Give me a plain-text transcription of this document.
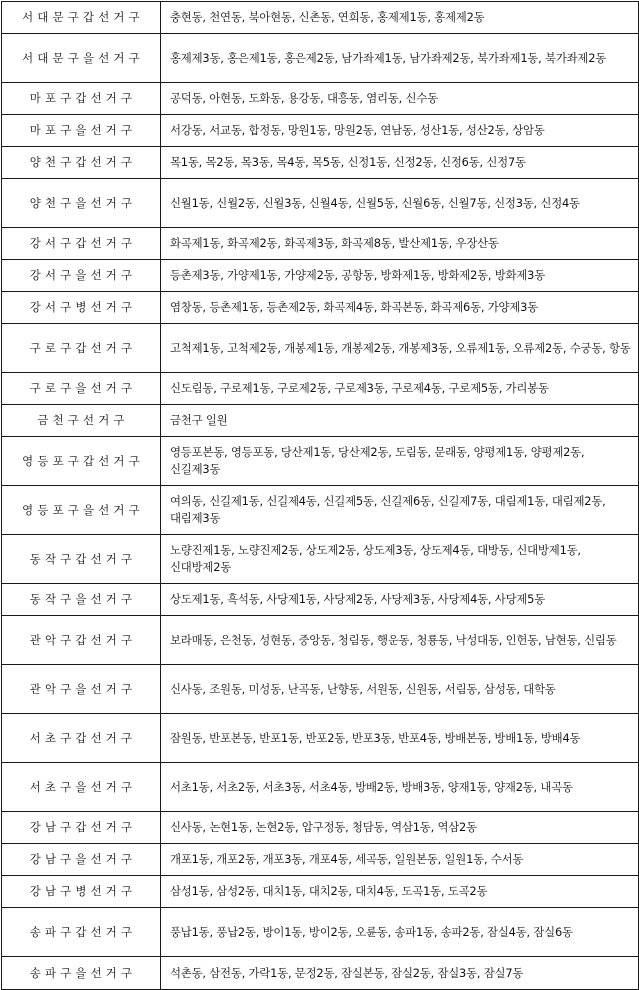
서대문구갑선거구	충현동, 천연동, 북아현동, 신촌동, 연희동, 홍제제1동, 홍제제2동
서대문구을선거구	홍제제3동, 홍은제1동, 홍은제2동, 남가좌제1동, 남가좌제2동, 북가좌제1동, 북가좌제2동
마포구갑선거구	공덕동, 아현동, 도화동, 용강동, 대흥동, 염리동, 신수동
마포구을선거구	서강동, 서교동, 합정동, 망원1동, 망원2동, 연남동, 성산1동, 성산2동, 상암동
양천구갑선거구	목1동, 목2동, 목3동, 목4동, 목5동, 신정1동, 신정2동, 신정6동, 신정7동
양천구을선거구	신월1동, 신월2동, 신월3동, 신월4동, 신월5동, 신월6동, 신월7동, 신정3동, 신정4동
강서구갑선거구	화곡제1동, 화곡제2동, 화곡제3동, 화곡제8동, 발산제1동, 우장산동
강서구을선거구	등촌제3동, 가양제1동, 가양제2동, 공항동, 방화제1동, 방화제2동, 방화제3동
강서구병선거구	염창동, 등촌제1동, 등촌제2동, 화곡제4동, 화곡본동, 화곡제6동, 가양제3동
구로구갑선거구	고척제1동, 고척제2동, 개봉제1동, 개봉제2동, 개봉제3동, 오류제1동, 오류제2동, 수궁동, 항동
구로구을선거구	신도림동, 구로제1동, 구로제2동, 구로제3동, 구로제4동, 구로제5동, 가리봉동
금천구선거구	금천구 일원
영등포구갑선거구	영등포본동, 영등포동, 당산제1동, 당산제2동, 도림동, 문래동, 양평제1동, 양평제2동, 신길제3동
영등포구을선거구	여의동, 신길제1동, 신길제4동, 신길제5동, 신길제6동, 신길제7동, 대림제1동, 대림제2동, 대림제3동
동작구갑선거구	노량진제1동, 노량진제2동, 상도제2동, 상도제3동, 상도제4동, 대방동, 신대방제1동, 신대방제2동
동작구을선거구	상도제1동, 흑석동, 사당제1동, 사당제2동, 사당제3동, 사당제4동, 사당제5동
관악구갑선거구	보라매동, 은천동, 성현동, 중앙동, 청림동, 행운동, 청룡동, 낙성대동, 인헌동, 남현동, 신림동
관악구을선거구	신사동, 조원동, 미성동, 난곡동, 난향동, 서원동, 신원동, 서림동, 삼성동, 대학동
서초구갑선거구	잠원동, 반포본동, 반포1동, 반포2동, 반포3동, 반포4동, 방배본동, 방배1동, 방배4동
서초구을선거구	서초1동, 서초2동, 서초3동, 서초4동, 방배2동, 방배3동, 양재1동, 양재2동, 내곡동
강남구갑선거구	신사동, 논현1동, 논현2동, 압구정동, 청담동, 역삼1동, 역삼2동
강남구을선거구	개포1동, 개포2동, 개포3동, 개포4동, 세곡동, 일원본동, 일원1동, 수서동
강남구병선거구	삼성1동, 삼성2동, 대치1동, 대치2동, 대치4동, 도곡1동, 도곡2동
송파구갑선거구	풍납1동, 풍납2동, 방이1동, 방이2동, 오륜동, 송파1동, 송파2동, 잠실4동, 잠실6동
송파구을선거구	석촌동, 삼전동, 가락1동, 문정2동, 잠실본동, 잠실2동, 잠실3동, 잠실7동
